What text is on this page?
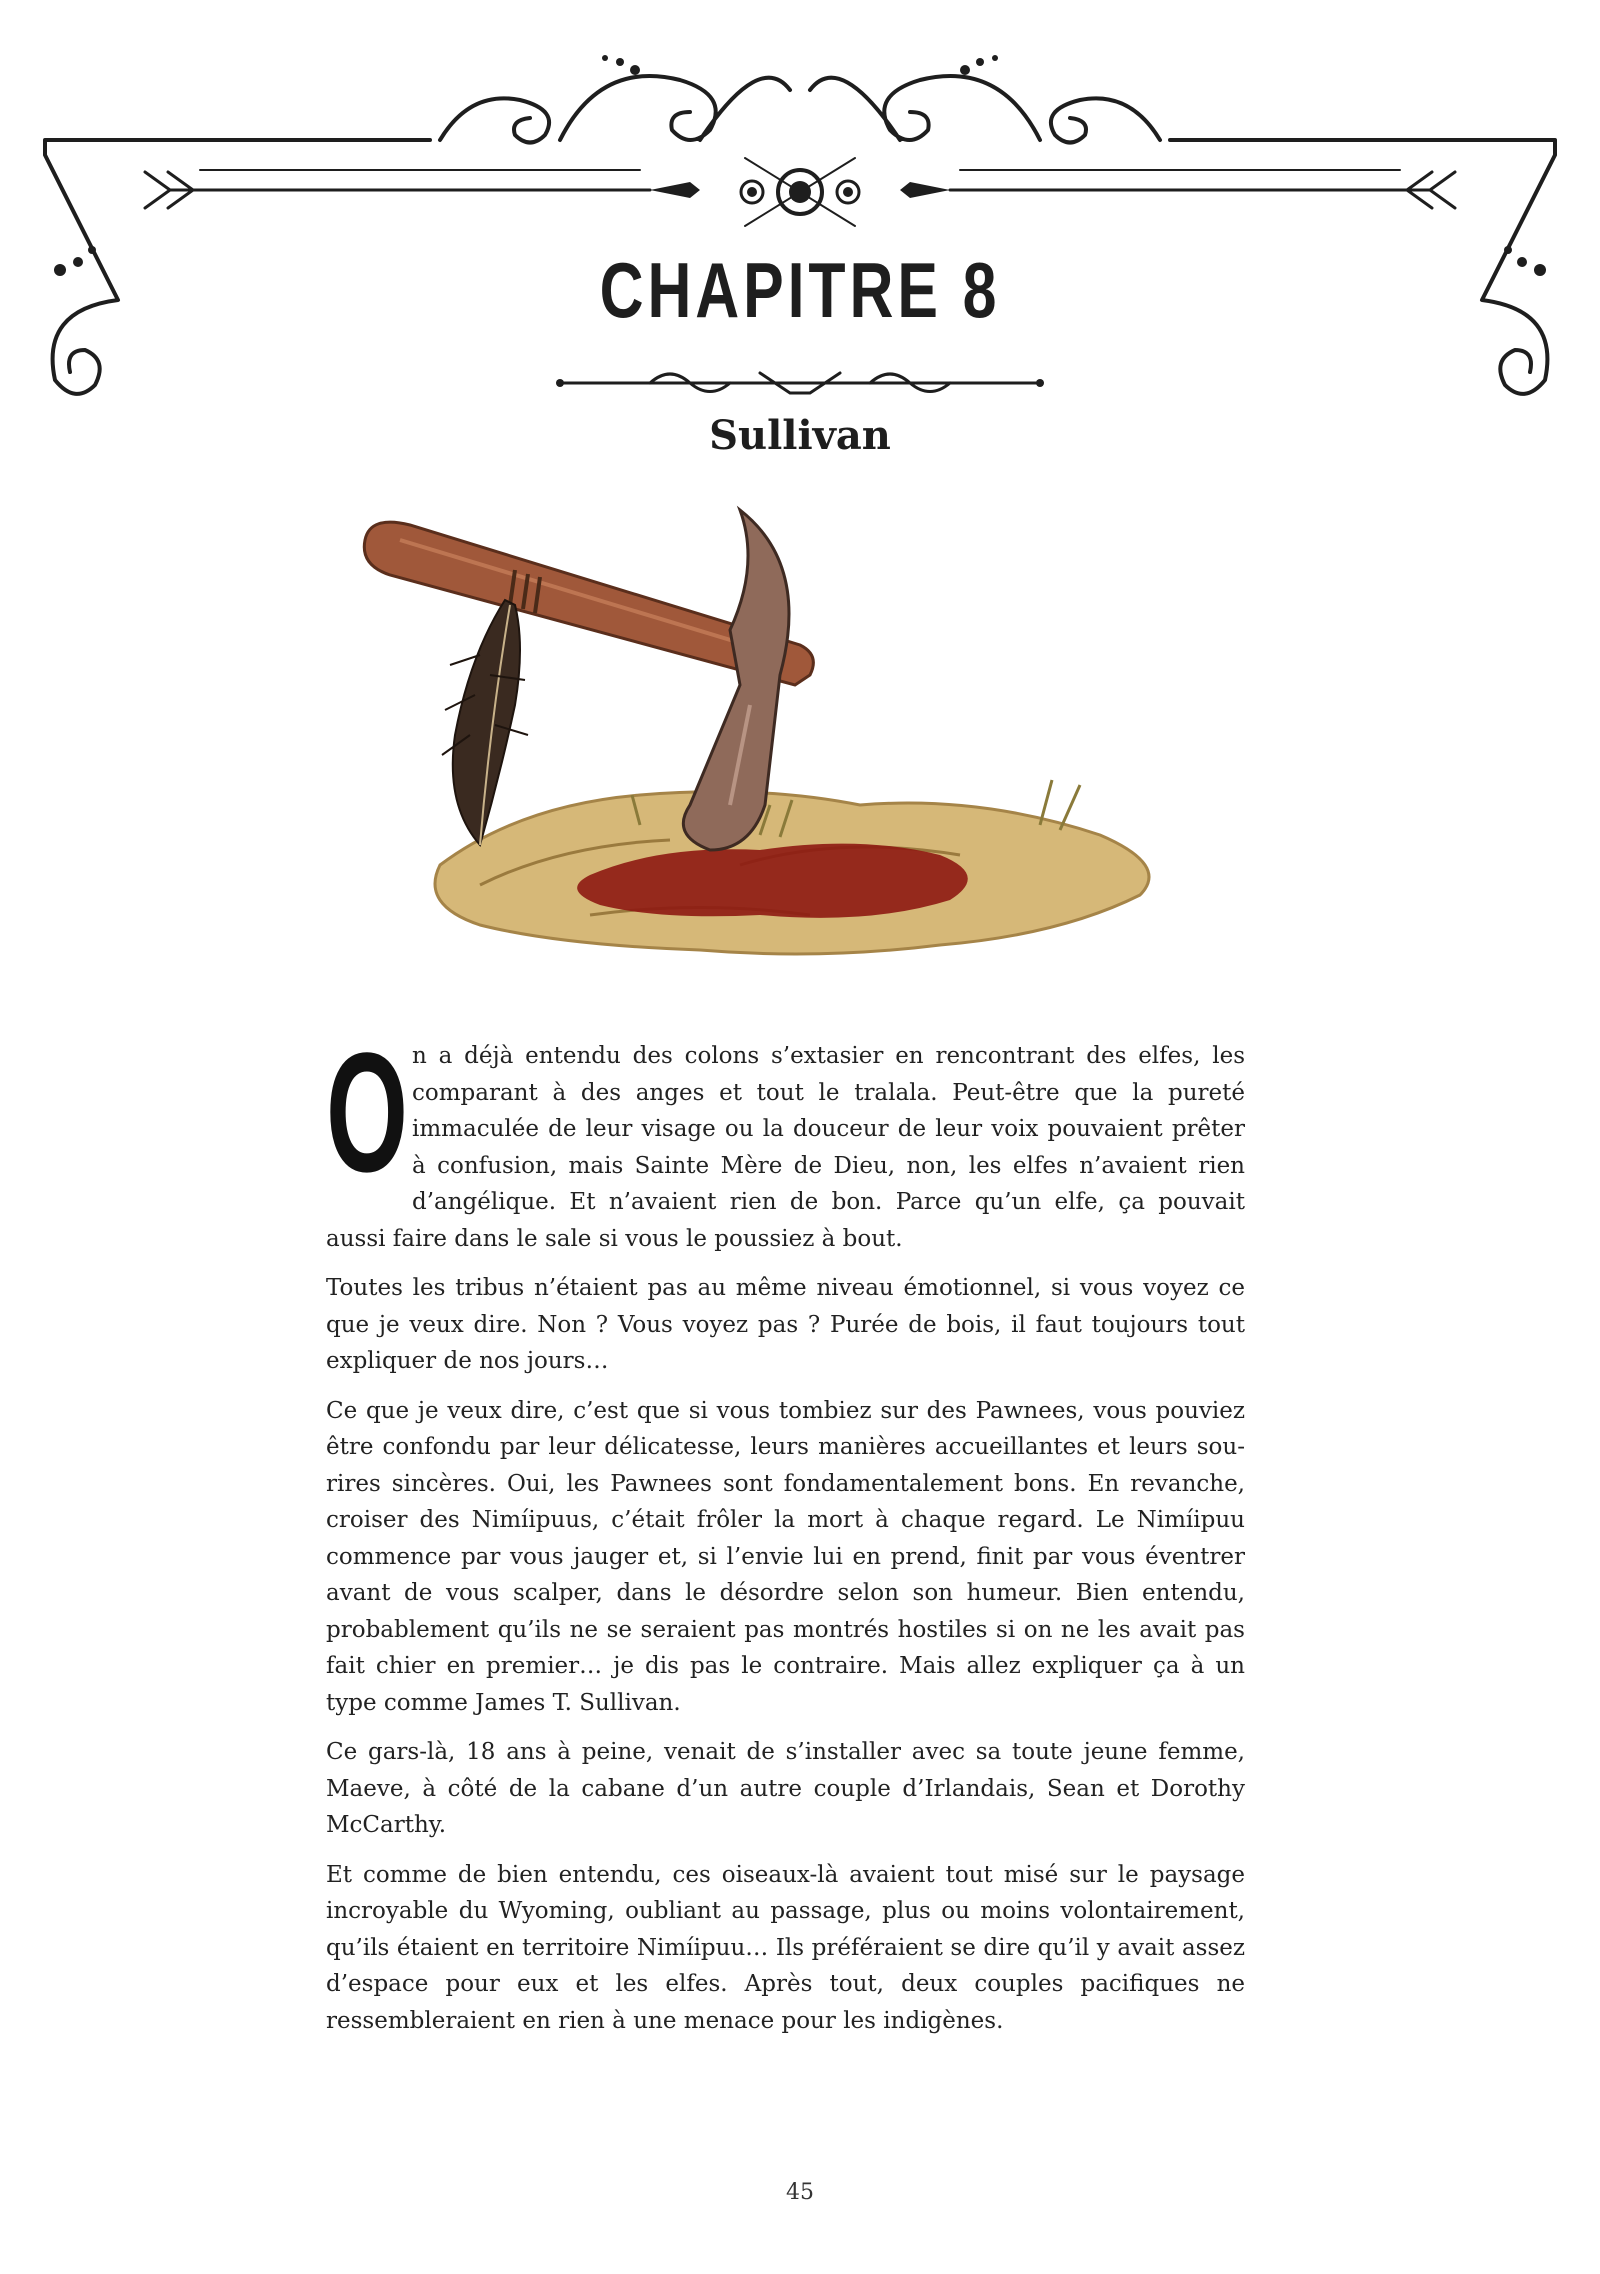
CHAPITRE 8
Sullivan

On a déjà entendu des colons s’extasier en rencontrant des elfes, les comparant à des anges et tout le tralala. Peut-être que la pureté immaculée de leur visage ou la douceur de leur voix pouvaient prêter à confusion, mais Sainte Mère de Dieu, non, les elfes n’avaient rien d’angélique. Et n’avaient rien de bon. Parce qu’un elfe, ça pouvait aussi faire dans le sale si vous le poussiez à bout.

Toutes les tribus n’étaient pas au même niveau émotionnel, si vous voyez ce que je veux dire. Non ? Vous voyez pas ? Purée de bois, il faut toujours tout expliquer de nos jours…

Ce que je veux dire, c’est que si vous tombiez sur des Pawnees, vous pouviez être confondu par leur délicatesse, leurs manières accueillantes et leurs sourires sincères. Oui, les Pawnees sont fondamentalement bons. En revanche, croiser des Nimíipuus, c’était frôler la mort à chaque regard. Le Nimíipuu commence par vous jauger et, si l’envie lui en prend, finit par vous éventrer avant de vous scalper, dans le désordre selon son humeur. Bien entendu, probablement qu’ils ne se seraient pas montrés hostiles si on ne les avait pas fait chier en premier… je dis pas le contraire. Mais allez expliquer ça à un type comme James T. Sullivan.

Ce gars-là, 18 ans à peine, venait de s’installer avec sa toute jeune femme, Maeve, à côté de la cabane d’un autre couple d’Irlandais, Sean et Dorothy McCarthy.

Et comme de bien entendu, ces oiseaux-là avaient tout misé sur le paysage incroyable du Wyoming, oubliant au passage, plus ou moins volontairement, qu’ils étaient en territoire Nimíipuu… Ils préféraient se dire qu’il y avait assez d’espace pour eux et les elfes. Après tout, deux couples pacifiques ne ressembleraient en rien à une menace pour les indigènes.

45
